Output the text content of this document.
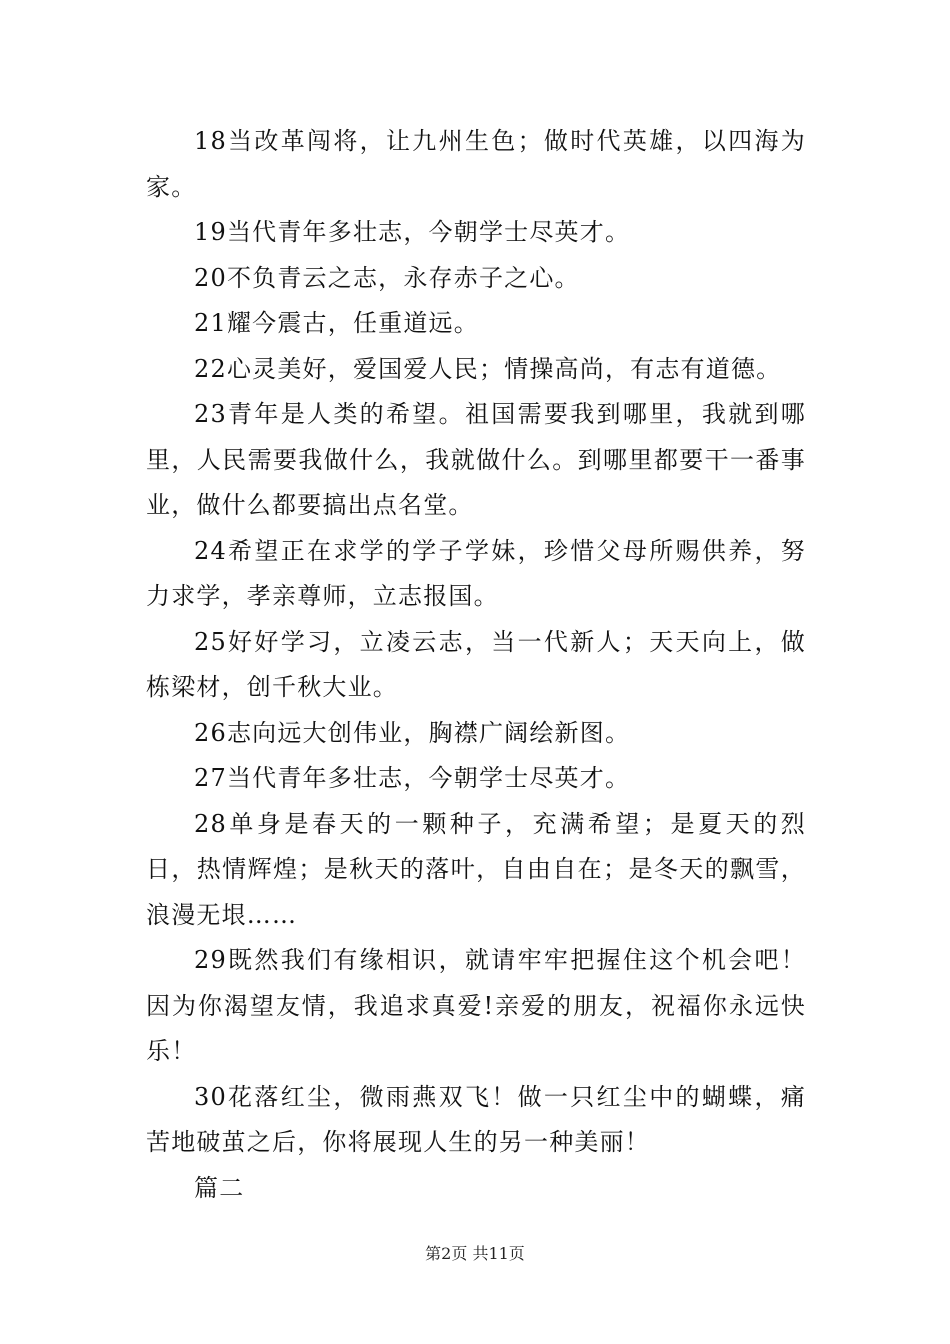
18当改革闯将，让九州生色；做时代英雄，以四海为家。

19当代青年多壮志，今朝学士尽英才。

20不负青云之志，永存赤子之心。

21耀今震古，任重道远。

22心灵美好，爱国爱人民；情操高尚，有志有道德。

23青年是人类的希望。祖国需要我到哪里，我就到哪里，人民需要我做什么，我就做什么。到哪里都要干一番事业，做什么都要搞出点名堂。

24希望正在求学的学子学妹，珍惜父母所赐供养，努力求学，孝亲尊师，立志报国。

25好好学习，立凌云志，当一代新人；天天向上，做栋梁材，创千秋大业。

26志向远大创伟业，胸襟广阔绘新图。

27当代青年多壮志，今朝学士尽英才。

28单身是春天的一颗种子，充满希望；是夏天的烈日，热情辉煌；是秋天的落叶，自由自在；是冬天的飘雪，浪漫无垠……

29既然我们有缘相识，就请牢牢把握住这个机会吧！因为你渴望友情，我追求真爱!亲爱的朋友，祝福你永远快乐！

30花落红尘，微雨燕双飞！做一只红尘中的蝴蝶，痛苦地破茧之后，你将展现人生的另一种美丽！

篇二

第2页 共11页
